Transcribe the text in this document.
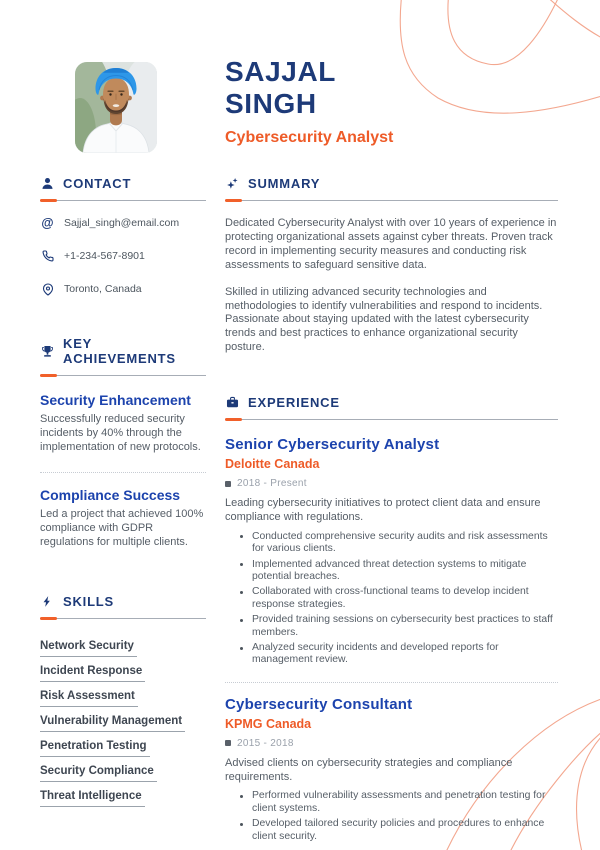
SAJJAL
SINGH
Cybersecurity Analyst
CONTACT
@ Sajjal_singh@email.com
+1-234-567-8901
Toronto, Canada
KEY ACHIEVEMENTS
Security Enhancement

Successfully reduced security incidents by 40% through the implementation of new protocols.

Compliance Success

Led a project that achieved 100% compliance with GDPR regulations for multiple clients.

SKILLS
Network Security
Incident Response
Risk Assessment
Vulnerability Management
Penetration Testing
Security Compliance
Threat Intelligence
SUMMARY

Dedicated Cybersecurity Analyst with over 10 years of experience in protecting organizational assets against cyber threats. Proven track record in implementing security measures and conducting risk assessments to safeguard sensitive data.

Skilled in utilizing advanced security technologies and methodologies to identify vulnerabilities and respond to incidents. Passionate about staying updated with the latest cybersecurity trends and best practices to enhance organizational security posture.

EXPERIENCE
Senior Cybersecurity Analyst
Deloitte Canada
2018 - Present

Leading cybersecurity initiatives to protect client data and ensure compliance with regulations.

Conducted comprehensive security audits and risk assessments for various clients.
Implemented advanced threat detection systems to mitigate potential breaches.
Collaborated with cross-functional teams to develop incident response strategies.
Provided training sessions on cybersecurity best practices to staff members.
Analyzed security incidents and developed reports for management review.
Cybersecurity Consultant
KPMG Canada
2015 - 2018

Advised clients on cybersecurity strategies and compliance requirements.

Performed vulnerability assessments and penetration testing for client systems.
Developed tailored security policies and procedures to enhance client security.
